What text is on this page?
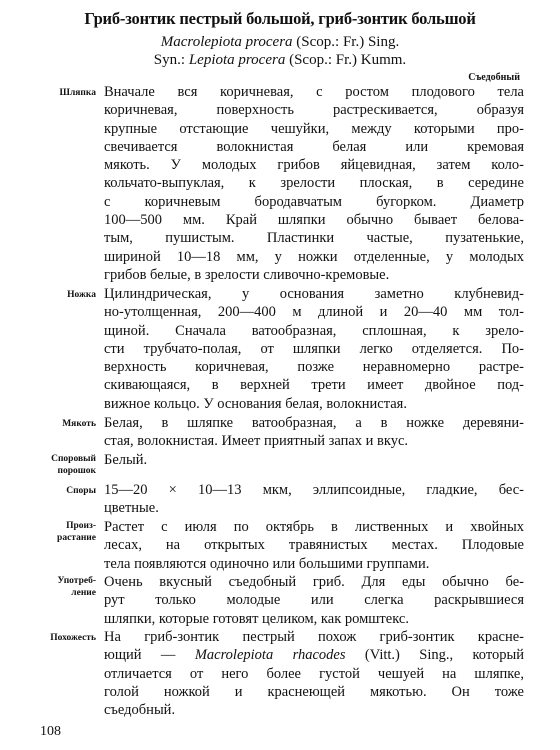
Гриб-зонтик пестрый большой, гриб-зонтик большой
Macrolepiota procera (Scop.: Fr.) Sing.
Syn.: Lepiota procera (Scop.: Fr.) Kumm.
Съедобный
Шляпка Вначале вся коричневая, с ростом плодового тела
коричневая, поверхность растрескивается, образуя
крупные отстающие чешуйки, между которыми про-
свечивается волокнистая белая или кремовая
мякоть. У молодых грибов яйцевидная, затем коло-
кольчато-выпуклая, к зрелости плоская, в середине
с коричневым бородавчатым бугорком. Диаметр
100—500 мм. Край шляпки обычно бывает белова-
тым, пушистым. Пластинки частые, пузатенькие,
шириной 10—18 мм, у ножки отделенные, у молодых
грибов белые, в зрелости сливочно-кремовые.
Ножка Цилиндрическая, у основания заметно клубневид-
но-утолщенная, 200—400 м длиной и 20—40 мм тол-
щиной. Сначала ватообразная, сплошная, к зрело-
сти трубчато-полая, от шляпки легко отделяется. По-
верхность коричневая, позже неравномерно растре-
скивающаяся, в верхней трети имеет двойное под-
вижное кольцо. У основания белая, волокнистая.
Мякоть Белая, в шляпке ватообразная, а в ножке деревяни-
стая, волокнистая. Имеет приятный запах и вкус.
Споровый
порошок
Белый.
Споры 15—20 × 10—13 мкм, эллипсоидные, гладкие, бес-
цветные.
Произ-
растание
Растет с июля по октябрь в лиственных и хвойных
лесах, на открытых травянистых местах. Плодовые
тела появляются одиночно или большими группами.
Употреб-
ление
Очень вкусный съедобный гриб. Для еды обычно бе-
рут только молодые или слегка раскрывшиеся
шляпки, которые готовят целиком, как ромштекс.
Похожесть На гриб-зонтик пестрый похож гриб-зонтик красне-
ющий — Macrolepiota rhacodes (Vitt.) Sing., который
отличается от него более густой чешуей на шляпке,
голой ножкой и краснеющей мякотью. Он тоже
съедобный.
108
